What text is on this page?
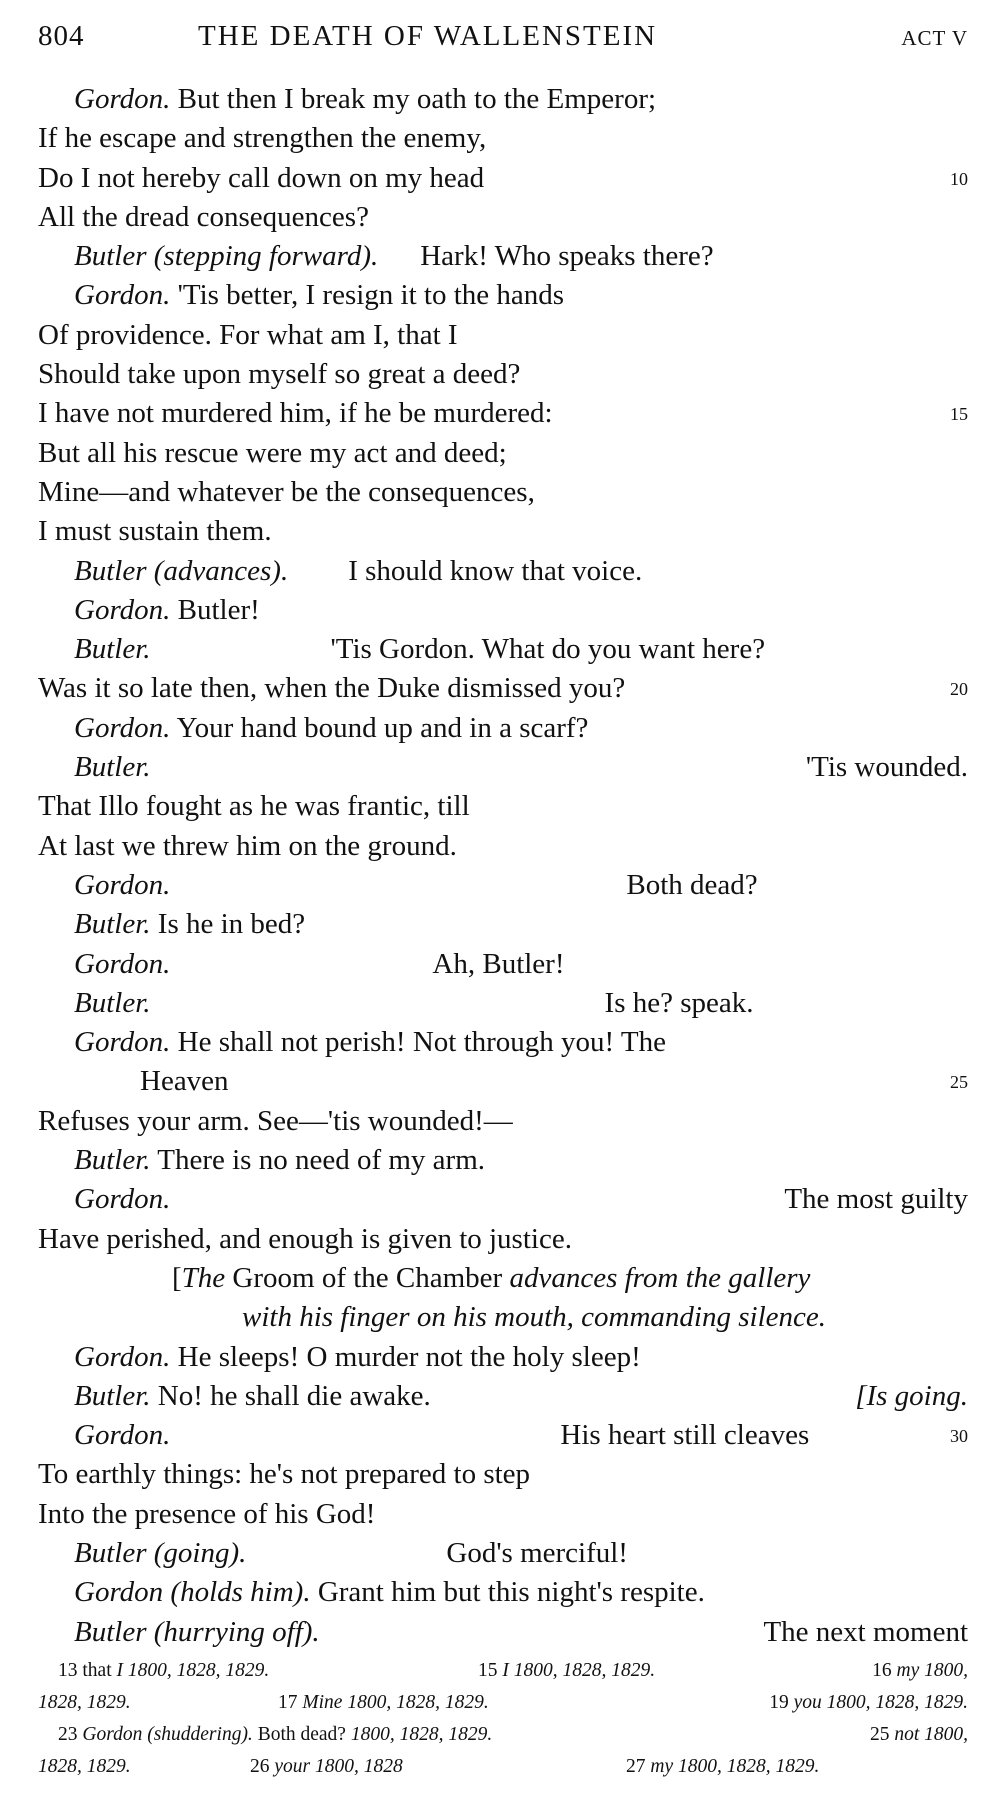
804	THE DEATH OF WALLENSTEIN	ACT V
Gordon. But then I break my oath to the Emperor;
If he escape and strengthen the enemy,
Do I not hereby call down on my head	10
All the dread consequences?
Butler (stepping forward). Hark! Who speaks there?
Gordon. 'Tis better, I resign it to the hands
Of providence. For what am I, that I
Should take upon myself so great a deed?
I have not murdered him, if he be murdered:	15
But all his rescue were my act and deed;
Mine—and whatever be the consequences,
I must sustain them.
Butler (advances). I should know that voice.
Gordon. Butler!
Butler.	'Tis Gordon. What do you want here?
Was it so late then, when the Duke dismissed you?	20
Gordon. Your hand bound up and in a scarf?
Butler.	'Tis wounded.
That Illo fought as he was frantic, till
At last we threw him on the ground.
Gordon.	Both dead?
Butler. Is he in bed?
Gordon.	Ah, Butler!
Butler.	Is he? speak.
Gordon. He shall not perish! Not through you! The
Heaven	25
Refuses your arm. See—'tis wounded!—
Butler. There is no need of my arm.
Gordon.	The most guilty
Have perished, and enough is given to justice.
[The Groom of the Chamber advances from the gallery
with his finger on his mouth, commanding silence.
Gordon. He sleeps! O murder not the holy sleep!
Butler. No! he shall die awake.	[Is going.
Gordon.	His heart still cleaves	30
To earthly things: he's not prepared to step
Into the presence of his God!
Butler (going).	God's merciful!
Gordon (holds him). Grant him but this night's respite.
Butler (hurrying off).	The next moment
13 that I 1800, 1828, 1829.	15 I 1800, 1828, 1829.	16 my 1800,
1828, 1829.	17 Mine 1800, 1828, 1829.	19 you 1800, 1828, 1829.
23 Gordon (shuddering). Both dead? 1800, 1828, 1829.	25 not 1800,
1828, 1829.	26 your 1800, 1828	27 my 1800, 1828, 1829.
